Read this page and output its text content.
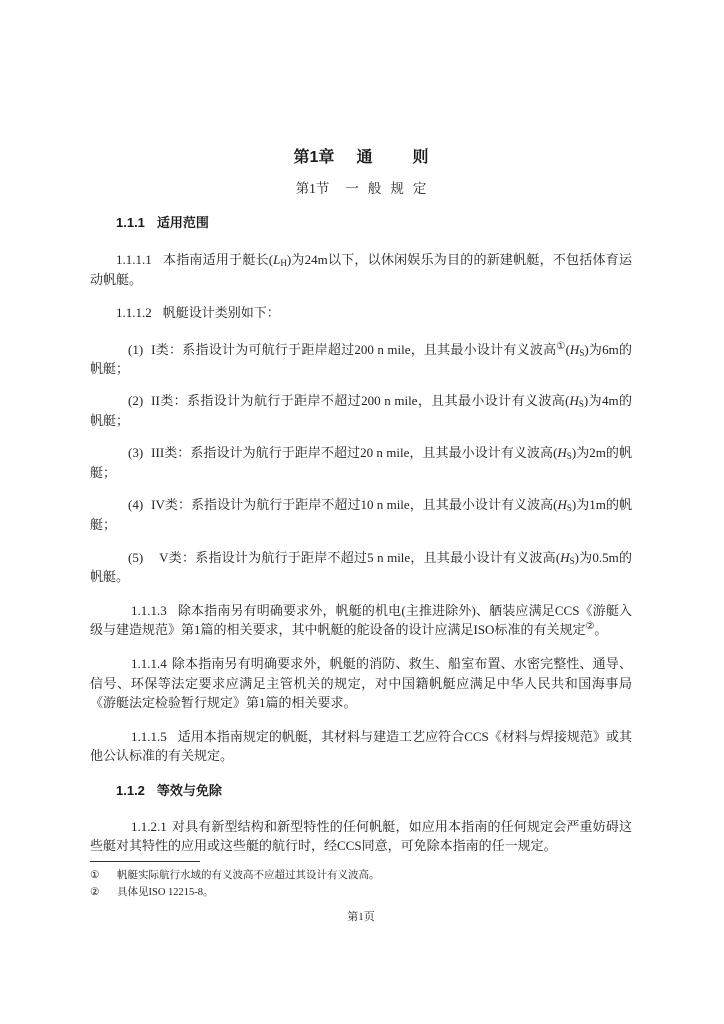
第1章 通则
第1节 一般规定
1.1.1 适用范围

1.1.1.1 本指南适用于艇长$(L_H)$为24m以下，以休闲娱乐为目的的新建帆艇，不包括体育运动帆艇。

1.1.1.2 帆艇设计类别如下：

(1) I类：系指设计为可航行于距岸超过200 n mile，且其最小设计有义波高$^①(H_S)$为6m的帆艇；

(2) II类：系指设计为航行于距岸不超过200 n mile，且其最小设计有义波高$(H_S)$为4m的帆艇；

(3) III类：系指设计为航行于距岸不超过20 n mile，且其最小设计有义波高$(H_S)$为2m的帆艇；

(4) IV类：系指设计为航行于距岸不超过10 n mile，且其最小设计有义波高$(H_S)$为1m的帆艇；

(5) V类：系指设计为航行于距岸不超过5 n mile，且其最小设计有义波高$(H_S)$为0.5m的帆艇。

1.1.1.3 除本指南另有明确要求外，帆艇的机电(主推进除外)、舾装应满足CCS《游艇入级与建造规范》第1篇的相关要求，其中帆艇的舵设备的设计应满足ISO标准的有关规定②。

1.1.1.4 除本指南另有明确要求外，帆艇的消防、救生、船室布置、水密完整性、通导、信号、环保等法定要求应满足主管机关的规定，对中国籍帆艇应满足中华人民共和国海事局《游艇法定检验暂行规定》第1篇的相关要求。

1.1.1.5 适用本指南规定的帆艇，其材料与建造工艺应符合CCS《材料与焊接规范》或其他公认标准的有关规定。

1.1.2 等效与免除

1.1.2.1 对具有新型结构和新型特性的任何帆艇，如应用本指南的任何规定会严重妨碍这些艇对其特性的应用或这些艇的航行时，经CCS同意，可免除本指南的任一规定。

① 帆艇实际航行水域的有义波高不应超过其设计有义波高。
② 具体见ISO 12215-8。
第1页
